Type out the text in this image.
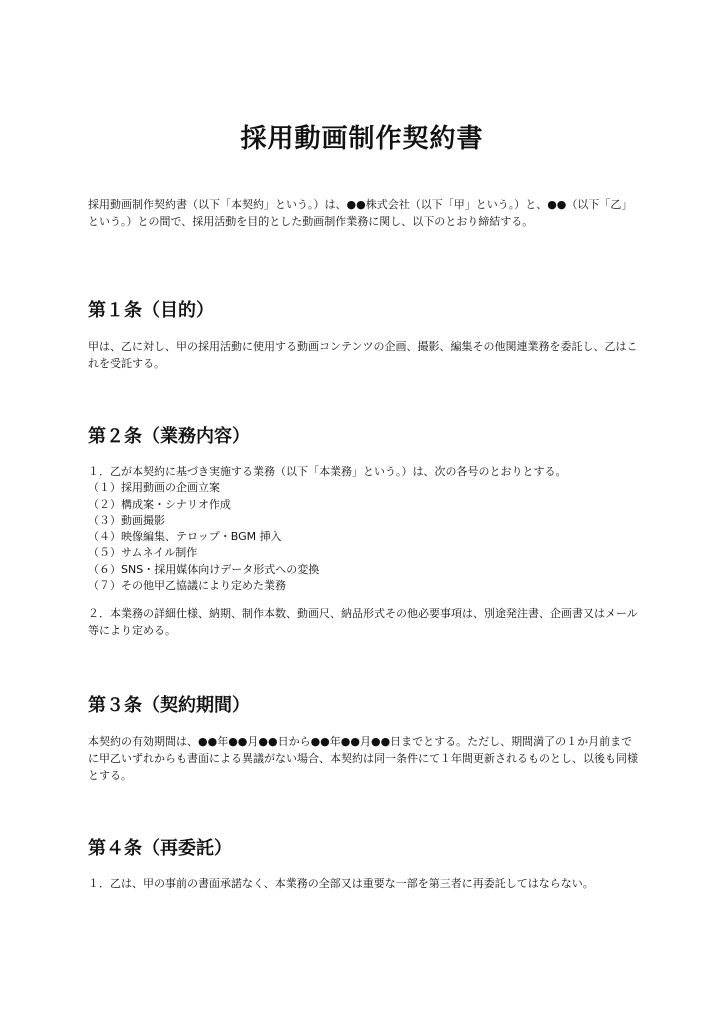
採用動画制作契約書

採用動画制作契約書（以下「本契約」という。）は、●●株式会社（以下「甲」という。）と、●●（以下「乙」という。）との間で、採用活動を目的とした動画制作業務に関し、以下のとおり締結する。

第１条（目的）

甲は、乙に対し、甲の採用活動に使用する動画コンテンツの企画、撮影、編集その他関連業務を委託し、乙はこれを受託する。

第２条（業務内容）

１．乙が本契約に基づき実施する業務（以下「本業務」という。）は、次の各号のとおりとする。

（１）採用動画の企画立案

（２）構成案・シナリオ作成

（３）動画撮影

（４）映像編集、テロップ・BGM 挿入

（５）サムネイル制作

（６）SNS・採用媒体向けデータ形式への変換

（７）その他甲乙協議により定めた業務

２．本業務の詳細仕様、納期、制作本数、動画尺、納品形式その他必要事項は、別途発注書、企画書又はメール等により定める。

第３条（契約期間）

本契約の有効期間は、●●年●●月●●日から●●年●●月●●日までとする。ただし、期間満了の１か月前までに甲乙いずれからも書面による異議がない場合、本契約は同一条件にて１年間更新されるものとし、以後も同様とする。

第４条（再委託）

１．乙は、甲の事前の書面承諾なく、本業務の全部又は重要な一部を第三者に再委託してはならない。
